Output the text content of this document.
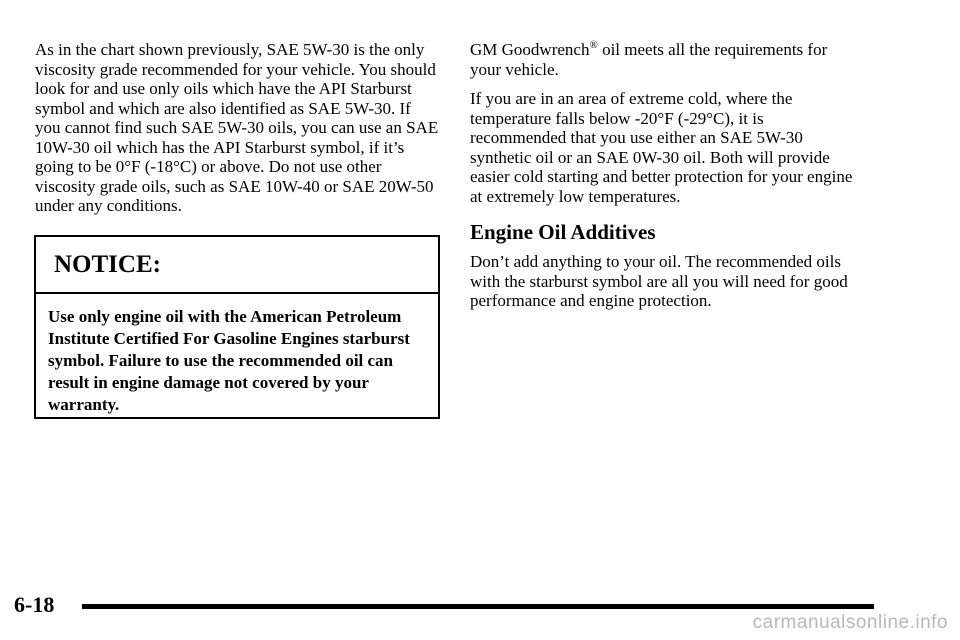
As in the chart shown previously, SAE 5W-30 is the only viscosity grade recommended for your vehicle. You should look for and use only oils which have the API Starburst symbol and which are also identified as SAE 5W-30. If you cannot find such SAE 5W-30 oils, you can use an SAE 10W-30 oil which has the API Starburst symbol, if it’s going to be 0°F (-18°C) or above. Do not use other viscosity grade oils, such as SAE 10W-40 or SAE 20W-50 under any conditions.

NOTICE:
Use only engine oil with the American Petroleum Institute Certified For Gasoline Engines starburst symbol. Failure to use the recommended oil can result in engine damage not covered by your warranty.

GM Goodwrench® oil meets all the requirements for your vehicle.

If you are in an area of extreme cold, where the temperature falls below -20°F (-29°C), it is recommended that you use either an SAE 5W-30 synthetic oil or an SAE 0W-30 oil. Both will provide easier cold starting and better protection for your engine at extremely low temperatures.

Engine Oil Additives

Don’t add anything to your oil. The recommended oils with the starburst symbol are all you will need for good performance and engine protection.

6-18
carmanualsonline.info
